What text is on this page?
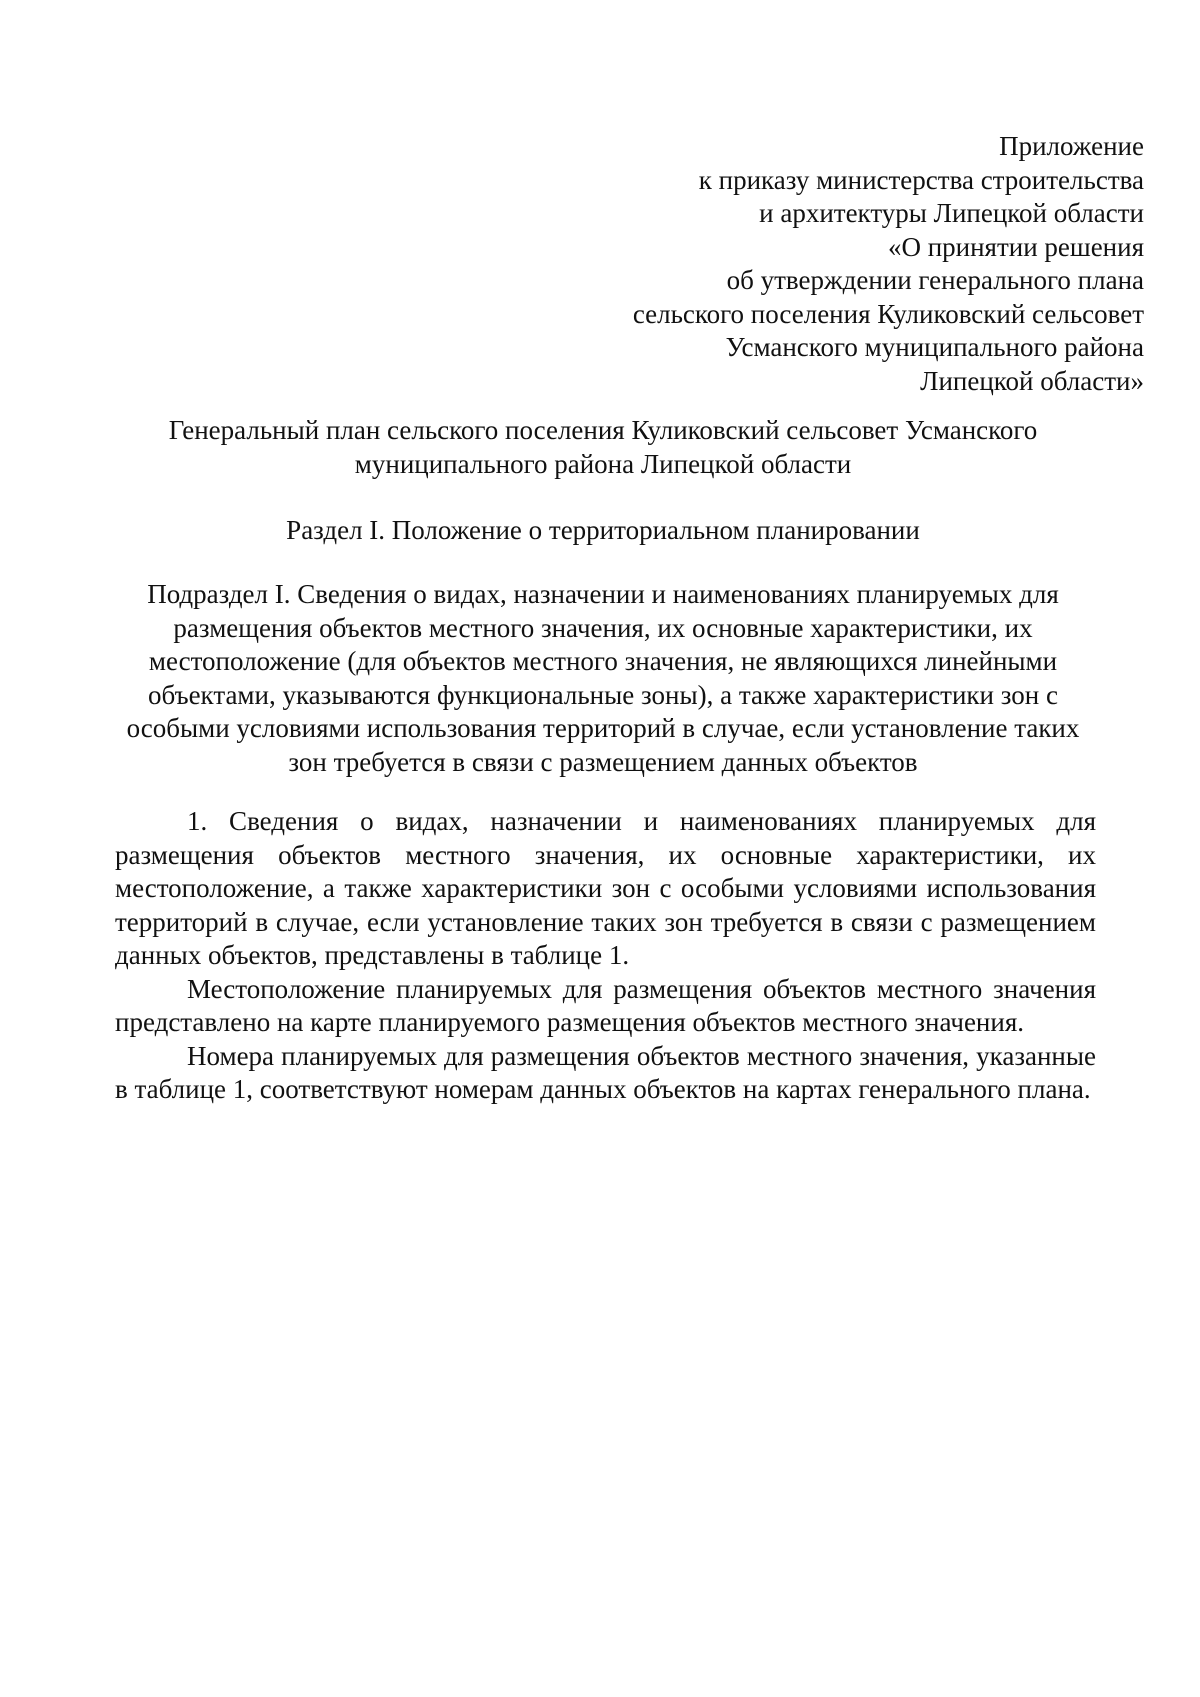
Приложение
к приказу министерства строительства
и архитектуры Липецкой области
«О принятии решения
об утверждении генерального плана
сельского поселения Куликовский сельсовет
Усманского муниципального района
Липецкой области»
Генеральный план сельского поселения Куликовский сельсовет Усманского муниципального района Липецкой области
Раздел I. Положение о территориальном планировании
Подраздел I. Сведения о видах, назначении и наименованиях планируемых для размещения объектов местного значения, их основные характеристики, их местоположение (для объектов местного значения, не являющихся линейными объектами, указываются функциональные зоны), а также характеристики зон с особыми условиями использования территорий в случае, если установление таких зон требуется в связи с размещением данных объектов

1. Сведения о видах, назначении и наименованиях планируемых для размещения объектов местного значения, их основные характеристики, их местоположение, а также характеристики зон с особыми условиями использования территорий в случае, если установление таких зон требуется в связи с размещением данных объектов, представлены в таблице 1.

Местоположение планируемых для размещения объектов местного значения представлено на карте планируемого размещения объектов местного значения.

Номера планируемых для размещения объектов местного значения, указанные в таблице 1, соответствуют номерам данных объектов на картах генерального плана.
